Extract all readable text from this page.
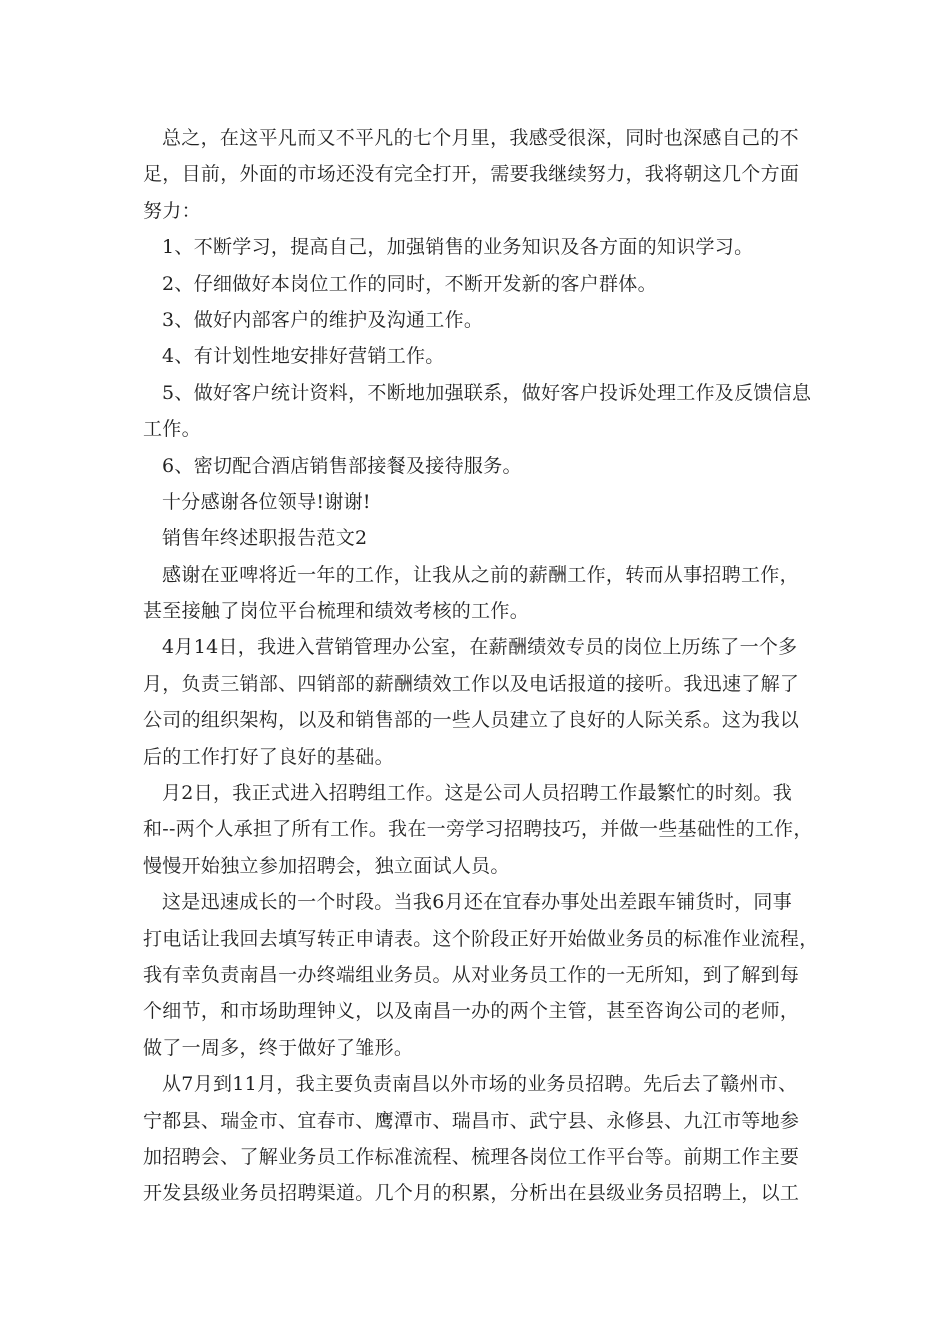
总之，在这平凡而又不平凡的七个月里，我感受很深，同时也深感自己的不
足，目前，外面的市场还没有完全打开，需要我继续努力，我将朝这几个方面
努力：
1、不断学习，提高自己，加强销售的业务知识及各方面的知识学习。
2、仔细做好本岗位工作的同时，不断开发新的客户群体。
3、做好内部客户的维护及沟通工作。
4、有计划性地安排好营销工作。
5、做好客户统计资料，不断地加强联系，做好客户投诉处理工作及反馈信息
工作。
6、密切配合酒店销售部接餐及接待服务。
十分感谢各位领导!谢谢!
销售年终述职报告范文2
感谢在亚啤将近一年的工作，让我从之前的薪酬工作，转而从事招聘工作，
甚至接触了岗位平台梳理和绩效考核的工作。
4月14日，我进入营销管理办公室，在薪酬绩效专员的岗位上历练了一个多
月，负责三销部、四销部的薪酬绩效工作以及电话报道的接听。我迅速了解了
公司的组织架构，以及和销售部的一些人员建立了良好的人际关系。这为我以
后的工作打好了良好的基础。
月2日，我正式进入招聘组工作。这是公司人员招聘工作最繁忙的时刻。我
和--两个人承担了所有工作。我在一旁学习招聘技巧，并做一些基础性的工作，
慢慢开始独立参加招聘会，独立面试人员。
这是迅速成长的一个时段。当我6月还在宜春办事处出差跟车铺货时，同事
打电话让我回去填写转正申请表。这个阶段正好开始做业务员的标准作业流程，
我有幸负责南昌一办终端组业务员。从对业务员工作的一无所知，到了解到每
个细节，和市场助理钟义，以及南昌一办的两个主管，甚至咨询公司的老师，
做了一周多，终于做好了雏形。
从7月到11月，我主要负责南昌以外市场的业务员招聘。先后去了赣州市、
宁都县、瑞金市、宜春市、鹰潭市、瑞昌市、武宁县、永修县、九江市等地参
加招聘会、了解业务员工作标准流程、梳理各岗位工作平台等。前期工作主要
开发县级业务员招聘渠道。几个月的积累，分析出在县级业务员招聘上，以工
